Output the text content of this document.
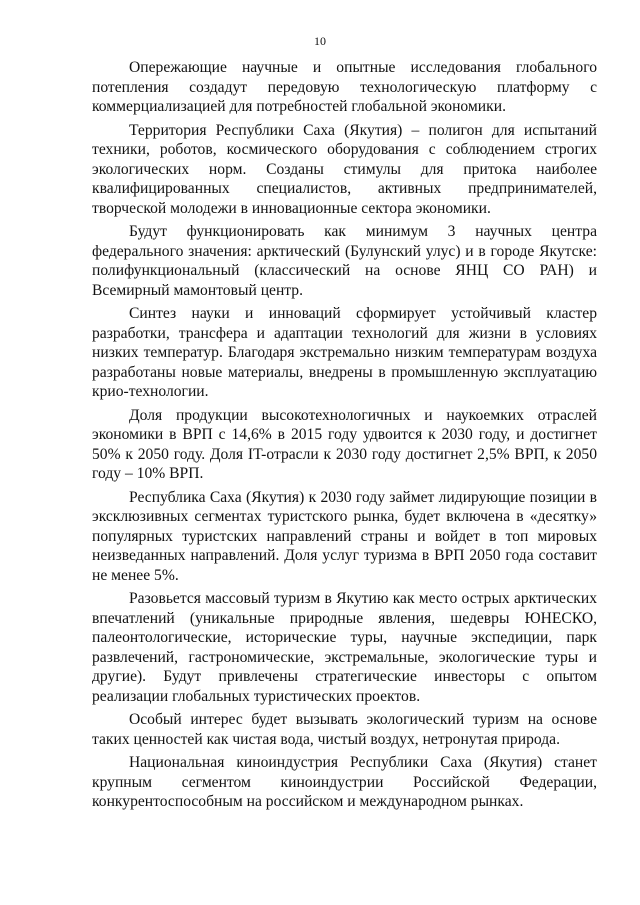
10

Опережающие научные и опытные исследования глобального потепления создадут передовую технологическую платформу с коммерциализацией для потребностей глобальной экономики.

Территория Республики Саха (Якутия) – полигон для испытаний техники, роботов, космического оборудования с соблюдением строгих экологических норм. Созданы стимулы для притока наиболее квалифицированных специалистов, активных предпринимателей, творческой молодежи в инновационные сектора экономики.

Будут функционировать как минимум 3 научных центра федерального значения: арктический (Булунский улус) и в городе Якутске: полифункциональный (классический на основе ЯНЦ СО РАН) и Всемирный мамонтовый центр.

Синтез науки и инноваций сформирует устойчивый кластер разработки, трансфера и адаптации технологий для жизни в условиях низких температур. Благодаря экстремально низким температурам воздуха разработаны новые материалы, внедрены в промышленную эксплуатацию крио-технологии.

Доля продукции высокотехнологичных и наукоемких отраслей экономики в ВРП с 14,6% в 2015 году удвоится к 2030 году, и достигнет 50% к 2050 году. Доля IT-отрасли к 2030 году достигнет 2,5% ВРП, к 2050 году – 10% ВРП.

Республика Саха (Якутия) к 2030 году займет лидирующие позиции в эксклюзивных сегментах туристского рынка, будет включена в «десятку» популярных туристских направлений страны и войдет в топ мировых неизведанных направлений. Доля услуг туризма в ВРП 2050 года составит не менее 5%.

Разовьется массовый туризм в Якутию как место острых арктических впечатлений (уникальные природные явления, шедевры ЮНЕСКО, палеонтологические, исторические туры, научные экспедиции, парк развлечений, гастрономические, экстремальные, экологические туры и другие). Будут привлечены стратегические инвесторы с опытом реализации глобальных туристических проектов.

Особый интерес будет вызывать экологический туризм на основе таких ценностей как чистая вода, чистый воздух, нетронутая природа.

Национальная киноиндустрия Республики Саха (Якутия) станет крупным сегментом киноиндустрии Российской Федерации, конкурентоспособным на российском и международном рынках.
